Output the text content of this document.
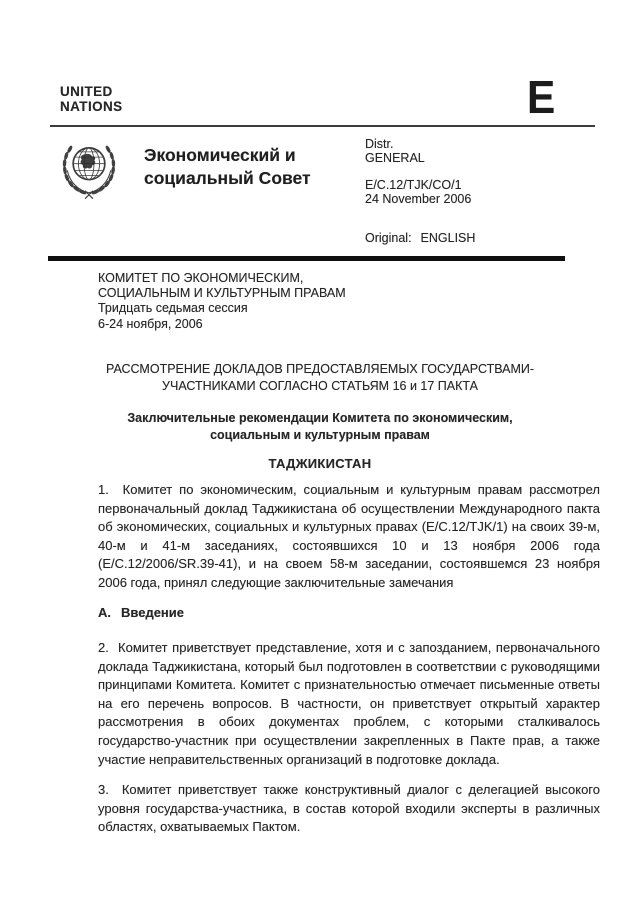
UNITED
NATIONS	E
Экономический и
социальный Совет
Distr.
GENERAL
E/C.12/TJK/CO/1
24 November 2006
Original: ENGLISH
КОМИТЕТ ПО ЭКОНОМИЧЕСКИМ,
СОЦИАЛЬНЫМ И КУЛЬТУРНЫМ ПРАВАМ
Тридцать седьмая сессия
6-24 ноября, 2006
РАССМОТРЕНИЕ ДОКЛАДОВ ПРЕДОСТАВЛЯЕМЫХ ГОСУДАРСТВАМИ-
УЧАСТНИКАМИ СОГЛАСНО СТАТЬЯМ 16 и 17 ПАКТА
Заключительные рекомендации Комитета по экономическим,
социальным и культурным правам
ТАДЖИКИСТАН
1.  Комитет по экономическим, социальным и культурным правам рассмотрел первоначальный доклад Таджикистана об осуществлении Международного пакта об экономических, социальных и культурных правах (E/C.12/TJK/1) на своих 39-м, 40-м и 41-м заседаниях, состоявшихся 10 и 13 ноября 2006 года (E/C.12/2006/SR.39-41), и на своем 58-м заседании, состоявшемся 23 ноября 2006 года, принял следующие заключительные замечания
A. Введение
2.  Комитет приветствует представление, хотя и с запозданием, первоначального доклада Таджикистана, который был подготовлен в соответствии с руководящими принципами Комитета. Комитет с признательностью отмечает письменные ответы на его перечень вопросов. В частности, он приветствует открытый характер рассмотрения в обоих документах проблем, с которыми сталкивалось государство-участник при осуществлении закрепленных в Пакте прав, а также участие неправительственных организаций в подготовке доклада.
3.  Комитет приветствует также конструктивный диалог с делегацией высокого уровня государства-участника, в состав которой входили эксперты в различных областях, охватываемых Пактом.
